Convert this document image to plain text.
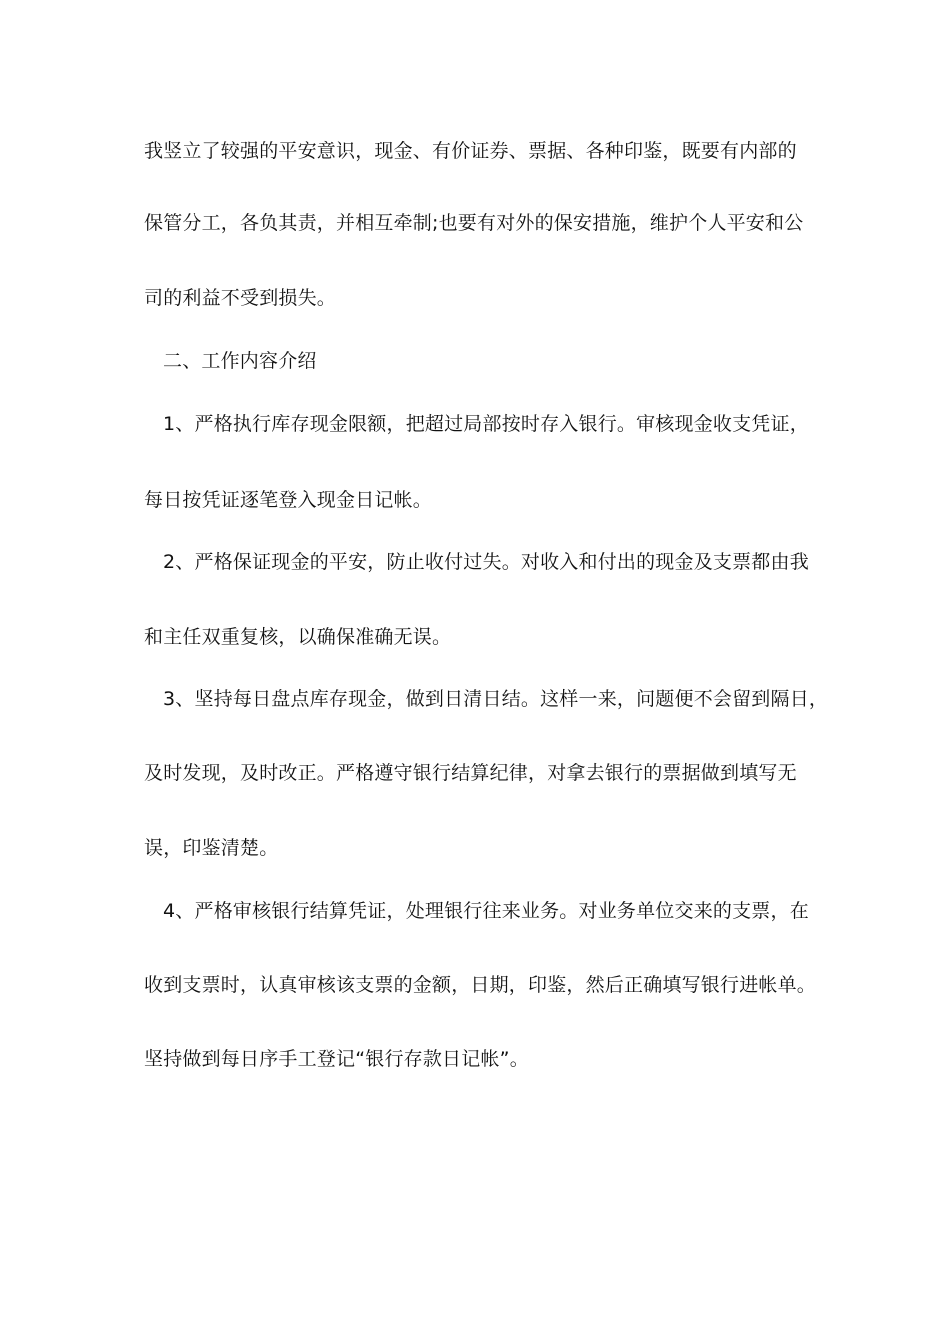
我竖立了较强的平安意识，现金、有价证券、票据、各种印鉴，既要有内部的
保管分工，各负其责，并相互牵制;也要有对外的保安措施，维护个人平安和公
司的利益不受到损失。
二、工作内容介绍
1、严格执行库存现金限额，把超过局部按时存入银行。审核现金收支凭证，
每日按凭证逐笔登入现金日记帐。
2、严格保证现金的平安，防止收付过失。对收入和付出的现金及支票都由我
和主任双重复核，以确保准确无误。
3、坚持每日盘点库存现金，做到日清日结。这样一来，问题便不会留到隔日，
及时发现，及时改正。严格遵守银行结算纪律，对拿去银行的票据做到填写无
误，印鉴清楚。
4、严格审核银行结算凭证，处理银行往来业务。对业务单位交来的支票，在
收到支票时，认真审核该支票的金额，日期，印鉴，然后正确填写银行进帐单。
坚持做到每日序手工登记“银行存款日记帐”。
